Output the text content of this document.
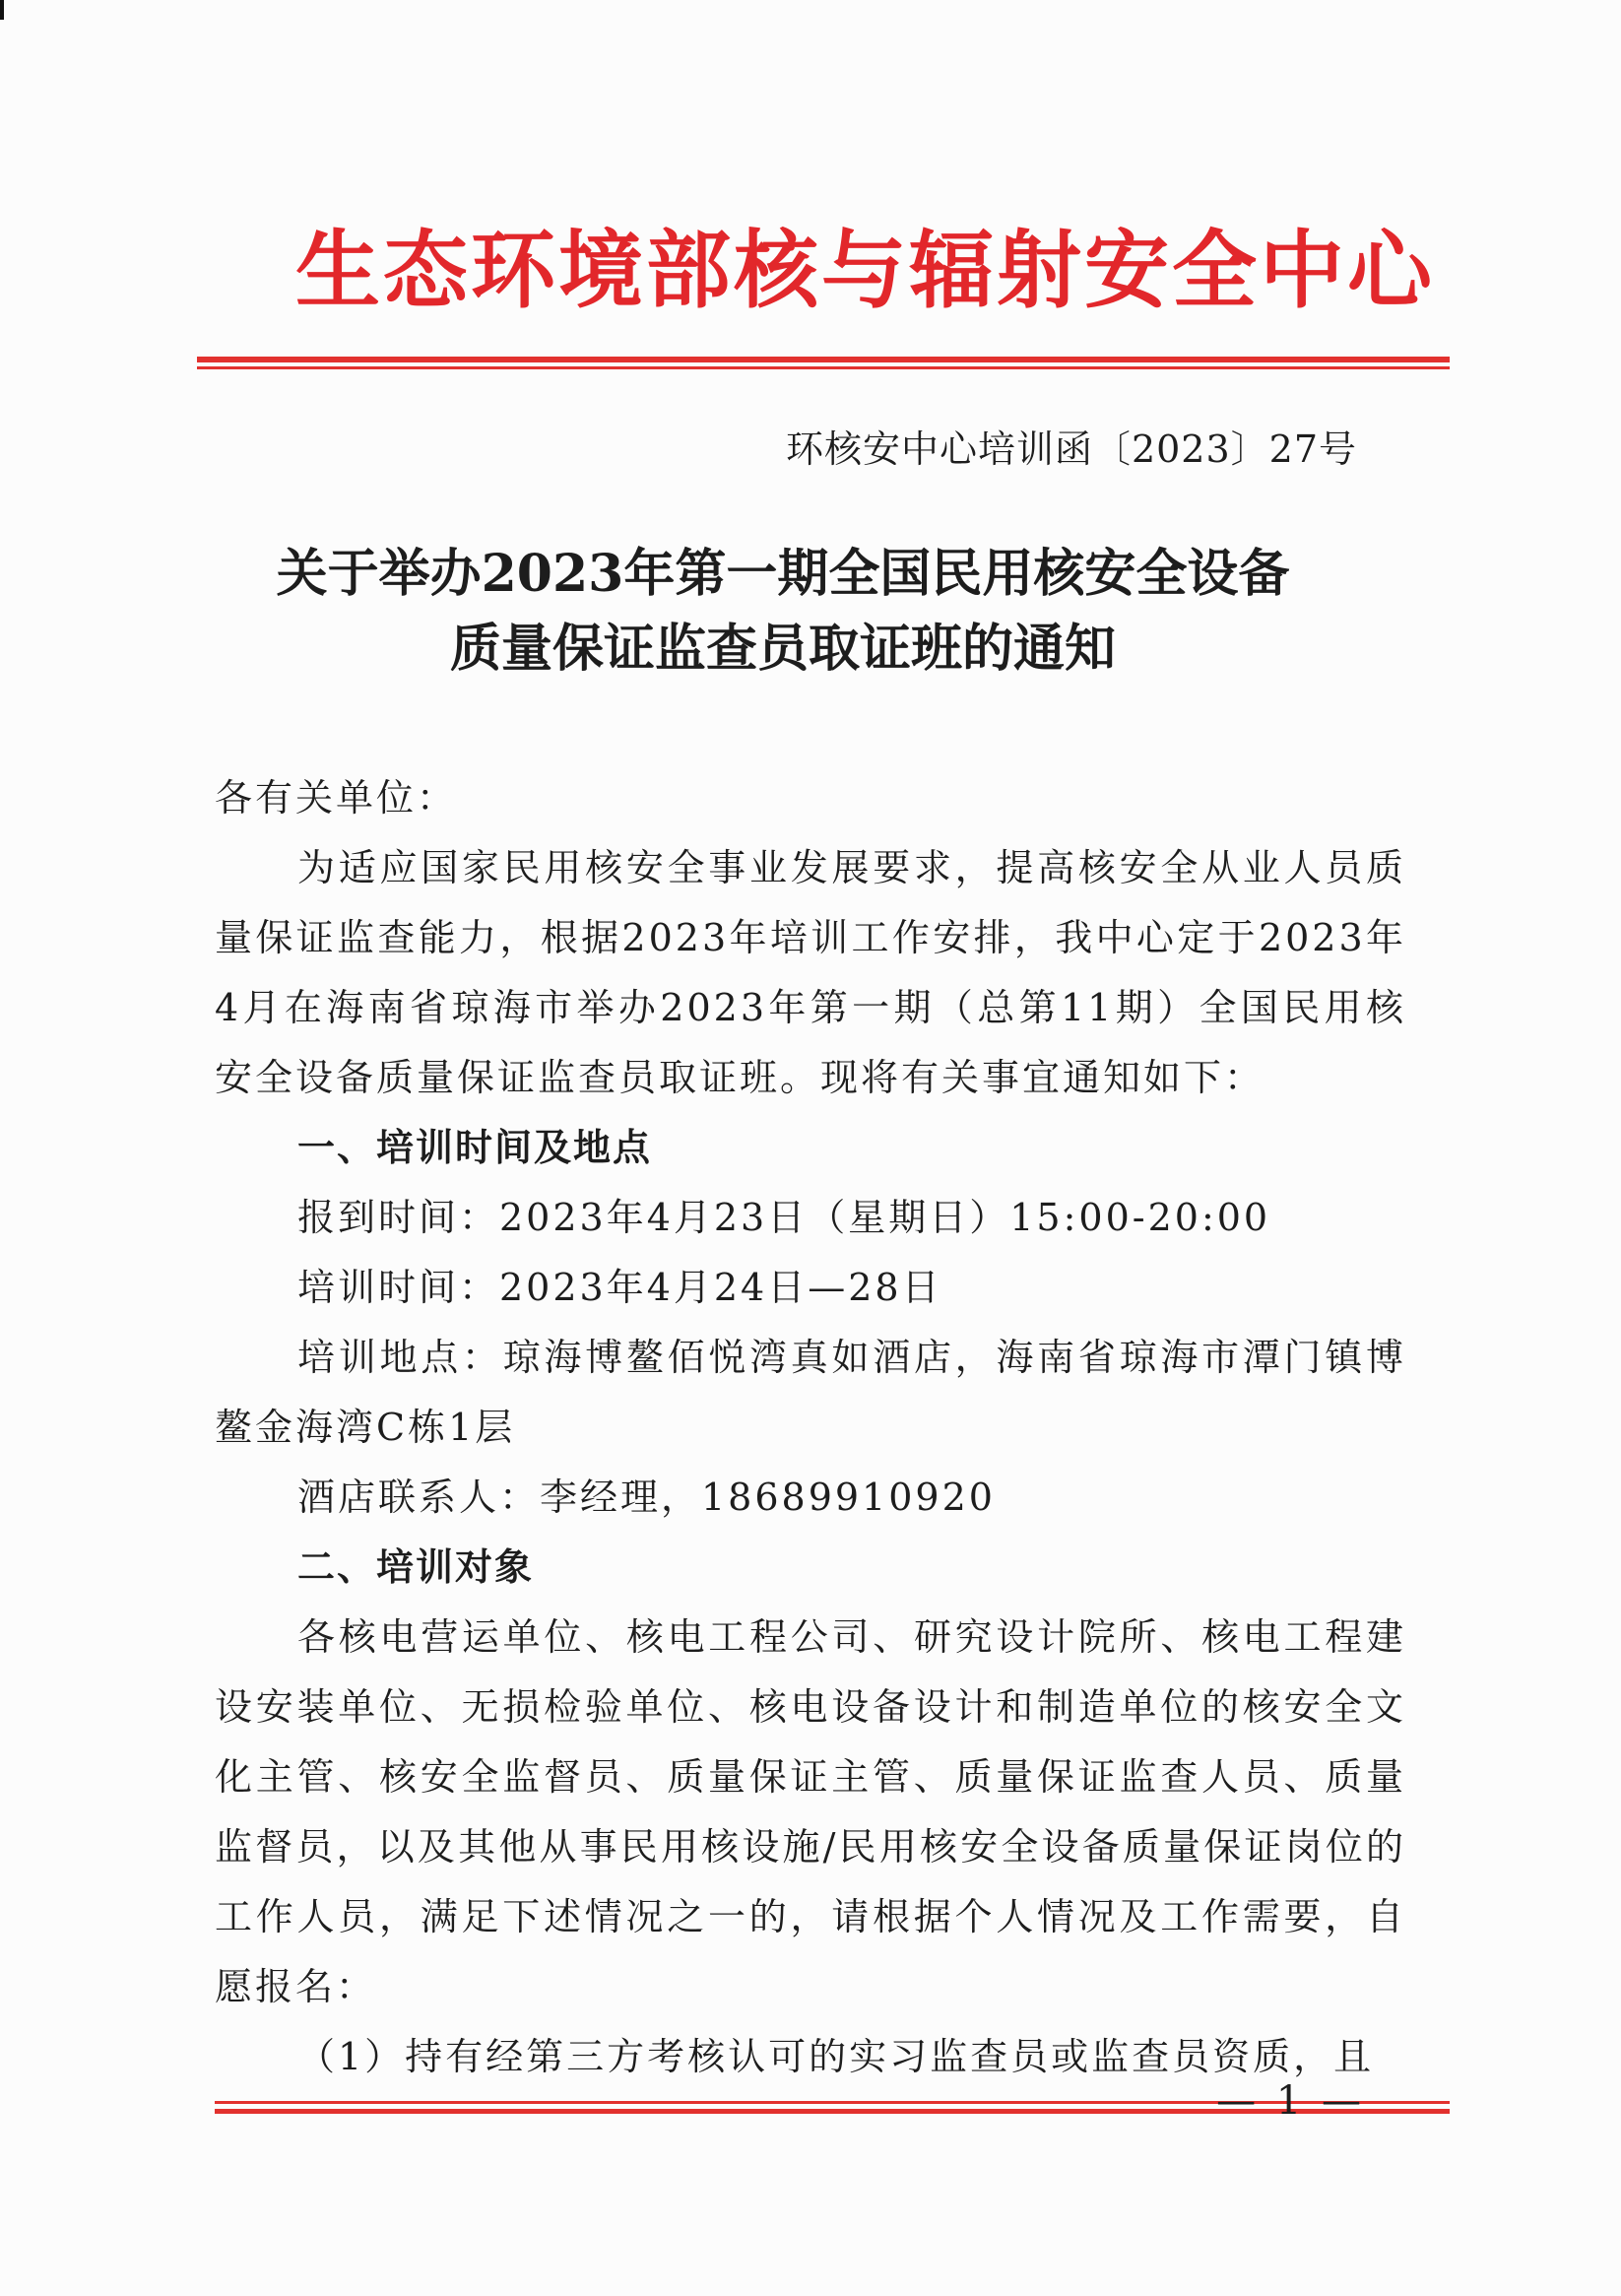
生态环境部核与辐射安全中心
环核安中心培训函〔2023〕27号
关于举办2023年第一期全国民用核安全设备
质量保证监查员取证班的通知

各有关单位：

为适应国家民用核安全事业发展要求，提高核安全从业人员质量保证监查能力，根据2023年培训工作安排，我中心定于2023年4月在海南省琼海市举办2023年第一期（总第11期）全国民用核安全设备质量保证监查员取证班。现将有关事宜通知如下：

一、培训时间及地点

报到时间：2023年4月23日（星期日）15:00-20:00

培训时间：2023年4月24日—28日

培训地点：琼海博鳌佰悦湾真如酒店，海南省琼海市潭门镇博鳌金海湾C栋1层

酒店联系人：李经理，18689910920

二、培训对象

各核电营运单位、核电工程公司、研究设计院所、核电工程建设安装单位、无损检验单位、核电设备设计和制造单位的核安全文化主管、核安全监督员、质量保证主管、质量保证监查人员、质量监督员，以及其他从事民用核设施/民用核安全设备质量保证岗位的工作人员，满足下述情况之一的，请根据个人情况及工作需要，自愿报名：

（1）持有经第三方考核认可的实习监查员或监查员资质，且

— 1 —
